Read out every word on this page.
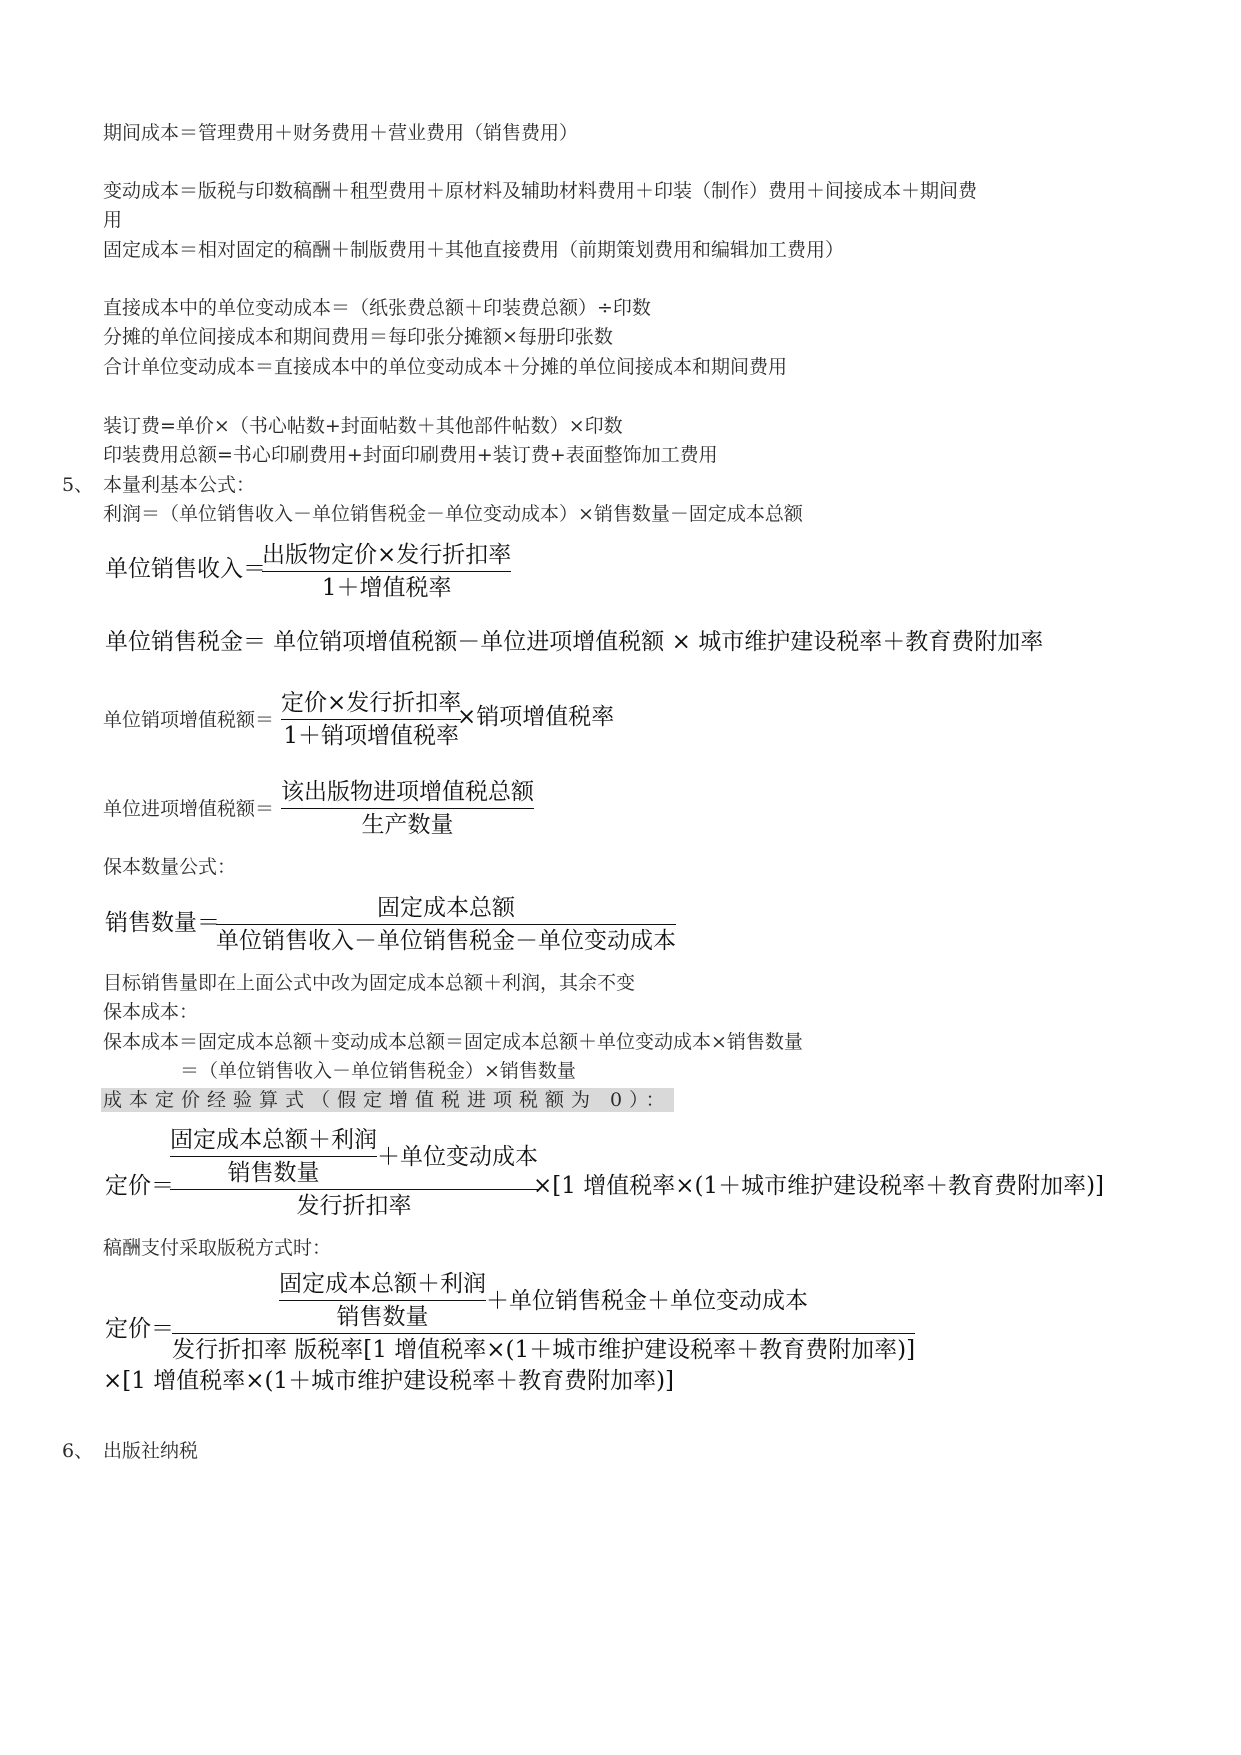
期间成本＝管理费用＋财务费用＋营业费用（销售费用）
变动成本＝版税与印数稿酬＋租型费用＋原材料及辅助材料费用＋印装（制作）费用＋间接成本＋期间费
用
固定成本＝相对固定的稿酬＋制版费用＋其他直接费用（前期策划费用和编辑加工费用）
直接成本中的单位变动成本＝（纸张费总额＋印装费总额）÷印数
分摊的单位间接成本和期间费用＝每印张分摊额×每册印张数
合计单位变动成本＝直接成本中的单位变动成本＋分摊的单位间接成本和期间费用
装订费=单价×（书心帖数+封面帖数＋其他部件帖数）×印数
印装费用总额=书心印刷费用+封面印刷费用+装订费+表面整饰加工费用
5、 本量利基本公式：
利润＝（单位销售收入－单位销售税金－单位变动成本）×销售数量－固定成本总额
单位销售收入＝
出版物定价×发行折扣率
1＋增值税率
单位销售税金＝ 单位销项增值税额－单位进项增值税额 × 城市维护建设税率＋教育费附加率
单位销项增值税额＝
定价×发行折扣率
1＋销项增值税率
×销项增值税率
单位进项增值税额＝
该出版物进项增值税总额
生产数量
保本数量公式：
销售数量＝
固定成本总额
单位销售收入－单位销售税金－单位变动成本
目标销售量即在上面公式中改为固定成本总额＋利润，其余不变
保本成本：
保本成本＝固定成本总额＋变动成本总额＝固定成本总额＋单位变动成本×销售数量
＝（单位销售收入－单位销售税金）×销售数量
成本定价经验算式（假定增值税进项税额为 0）：
定价＝
$\frac{\text{固定成本总额＋利润}}{\text{销售数量}}$ ＋单位变动成本
发行折扣率
×[1 增值税率×(1＋城市维护建设税率＋教育费附加率)]
稿酬支付采取版税方式时：
定价＝	$\frac{\text{固定成本总额＋利润}}{\text{销售数量}}$ ＋单位销售税金＋单位变动成本
发行折扣率 版税率[1 增值税率×(1＋城市维护建设税率＋教育费附加率)]
×[1 增值税率×(1＋城市维护建设税率＋教育费附加率)]
6、 出版社纳税
